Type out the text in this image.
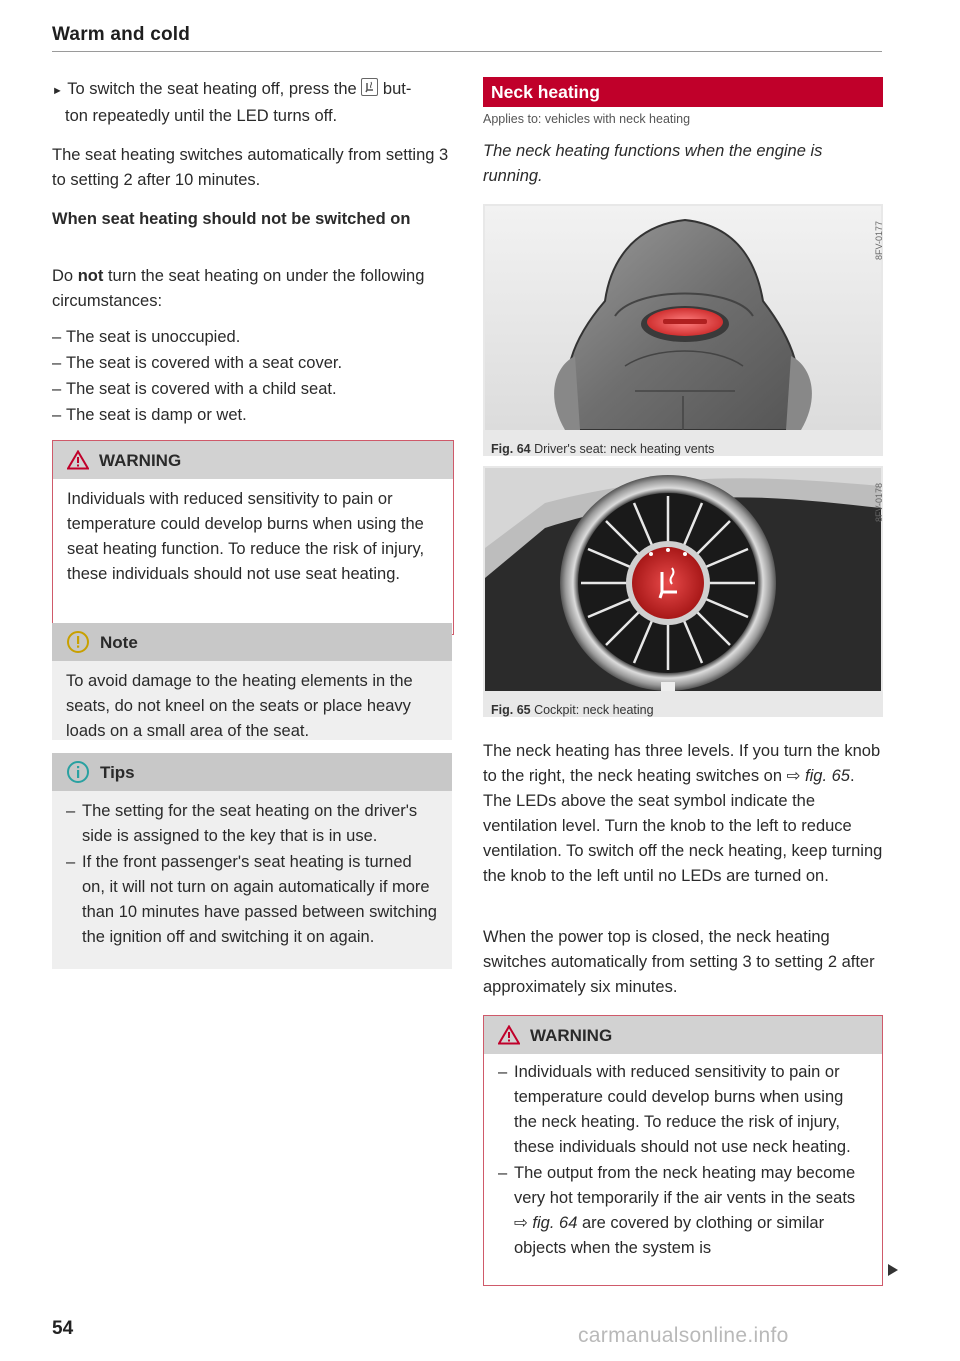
Warm and cold

► To switch the seat heating off, press the but-
ton repeatedly until the LED turns off.

The seat heating switches automatically from setting 3 to setting 2 after 10 minutes.

When seat heating should not be switched on

Do not turn the seat heating on under the following circumstances:

– The seat is unoccupied.
– The seat is covered with a seat cover.
– The seat is covered with a child seat.
– The seat is damp or wet.
WARNING
Individuals with reduced sensitivity to pain or temperature could develop burns when using the seat heating function. To reduce the risk of injury, these individuals should not use seat heating.
Note
To avoid damage to the heating elements in the seats, do not kneel on the seats or place heavy loads on a small area of the seat.
Tips
– The setting for the seat heating on the driver's side is assigned to the key that is in use.
– If the front passenger's seat heating is turned on, it will not turn on again automatically if more than 10 minutes have passed between switching the ignition off and switching it on again.
Neck heating

Applies to: vehicles with neck heating

The neck heating functions when the engine is running.

8FV-0177
Fig. 64 Driver's seat: neck heating vents
8FV-0178
Fig. 65 Cockpit: neck heating

The neck heating has three levels. If you turn the knob to the right, the neck heating switches on ⇨ fig. 65. The LEDs above the seat symbol indicate the ventilation level. Turn the knob to the left to reduce ventilation. To switch off the neck heating, keep turning the knob to the left until no LEDs are turned on.

When the power top is closed, the neck heating switches automatically from setting 3 to setting 2 after approximately six minutes.

WARNING
– Individuals with reduced sensitivity to pain or temperature could develop burns when using the neck heating. To reduce the risk of injury, these individuals should not use neck heating.
– The output from the neck heating may become very hot temporarily if the air vents in the seats ⇨ fig. 64 are covered by clothing or similar objects when the system is
54	carmanualsonline.info
